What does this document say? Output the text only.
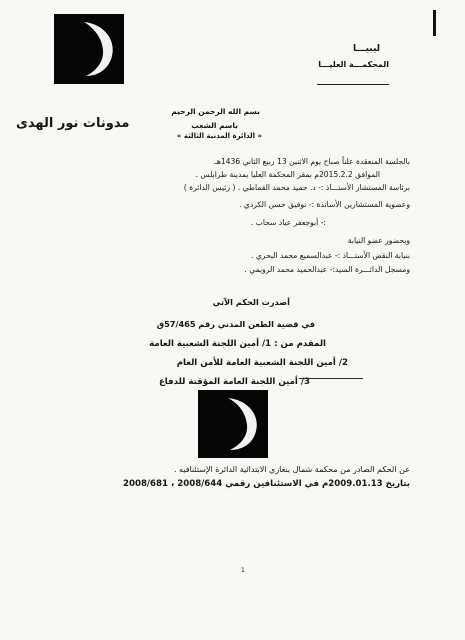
ليبيـــا
المحكمـــة العليـــا
مدونات نور الهدى
بسم الله الرحمن الرحيم
باسم الشعب
« الدائرة المدنية الثالثة »
بالجلسة المنعقدة علناً صباح يوم الاثنين 13 ربيع الثاني 1436هـ
الموافق 2015.2.2م بمقر المحكمة العليا بمدينة طرابلس .
برئاسة المستشار الأستـــاذ :- د. حميد محمد القماطي . ( رئيس الدائرة )
وعضوية المستشارين الأساتذة :- توفيق حسن الكردي .
:- أبوجعفر عياد سحاب .
وبحضور عضو النيابة
بنيابة النقض الأستـــاذ :- عبدالسميع محمد البحري .
ومسجل الدائـــرة السيد:- عبدالحميد محمد الرويمي .
أصدرت الحكم الآتي
في قضية الطعن المدني رقم 57/465ق
المقدم من : 1/ أمين اللجنة الشعبية العامة
2/ أمين اللجنة الشعبية العامة للأمن العام
3/ أمين اللجنة العامة المؤقتة للدفاع
عن الحكم الصادر من محكمة شمال بنغازي الابتدائية الدائرة الإستئنافيه .
بتاريخ 2009.01.13م في الاستئنافين رقمي 2008/644 ، 2008/681
1
